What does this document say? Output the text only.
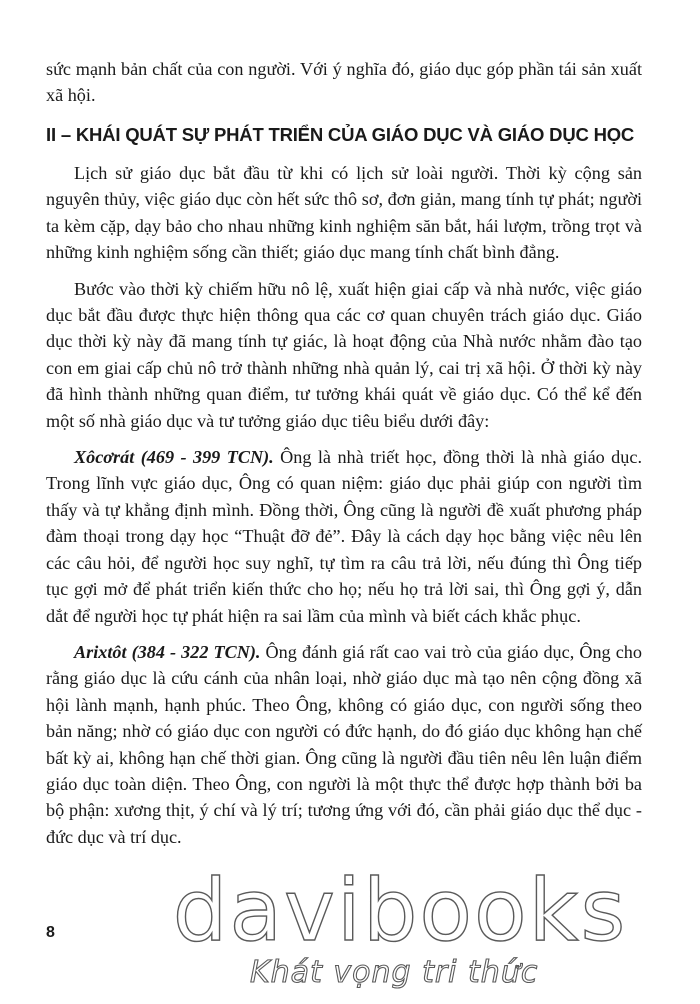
sức mạnh bản chất của con người. Với ý nghĩa đó, giáo dục góp phần tái sản xuất xã hội.

II – KHÁI QUÁT SỰ PHÁT TRIỂN CỦA GIÁO DỤC VÀ GIÁO DỤC HỌC

Lịch sử giáo dục bắt đầu từ khi có lịch sử loài người. Thời kỳ cộng sản nguyên thủy, việc giáo dục còn hết sức thô sơ, đơn giản, mang tính tự phát; người ta kèm cặp, dạy bảo cho nhau những kinh nghiệm săn bắt, hái lượm, trồng trọt và những kinh nghiệm sống cần thiết; giáo dục mang tính chất bình đẳng.

Bước vào thời kỳ chiếm hữu nô lệ, xuất hiện giai cấp và nhà nước, việc giáo dục bắt đầu được thực hiện thông qua các cơ quan chuyên trách giáo dục. Giáo dục thời kỳ này đã mang tính tự giác, là hoạt động của Nhà nước nhằm đào tạo con em giai cấp chủ nô trở thành những nhà quản lý, cai trị xã hội. Ở thời kỳ này đã hình thành những quan điểm, tư tưởng khái quát về giáo dục. Có thể kể đến một số nhà giáo dục và tư tưởng giáo dục tiêu biểu dưới đây:

Xôcơrát (469 - 399 TCN). Ông là nhà triết học, đồng thời là nhà giáo dục. Trong lĩnh vực giáo dục, Ông có quan niệm: giáo dục phải giúp con người tìm thấy và tự khẳng định mình. Đồng thời, Ông cũng là người đề xuất phương pháp đàm thoại trong dạy học “Thuật đỡ đẻ”. Đây là cách dạy học bằng việc nêu lên các câu hỏi, để người học suy nghĩ, tự tìm ra câu trả lời, nếu đúng thì Ông tiếp tục gợi mở để phát triển kiến thức cho họ; nếu họ trả lời sai, thì Ông gợi ý, dẫn dắt để người học tự phát hiện ra sai lầm của mình và biết cách khắc phục.

Arixtôt (384 - 322 TCN). Ông đánh giá rất cao vai trò của giáo dục, Ông cho rằng giáo dục là cứu cánh của nhân loại, nhờ giáo dục mà tạo nên cộng đồng xã hội lành mạnh, hạnh phúc. Theo Ông, không có giáo dục, con người sống theo bản năng; nhờ có giáo dục con người có đức hạnh, do đó giáo dục không hạn chế bất kỳ ai, không hạn chế thời gian. Ông cũng là người đầu tiên nêu lên luận điểm giáo dục toàn diện. Theo Ông, con người là một thực thể được hợp thành bởi ba bộ phận: xương thịt, ý chí và lý trí; tương ứng với đó, cần phải giáo dục thể dục - đức dục và trí dục.

8	davibooks
Khát vọng tri thức
